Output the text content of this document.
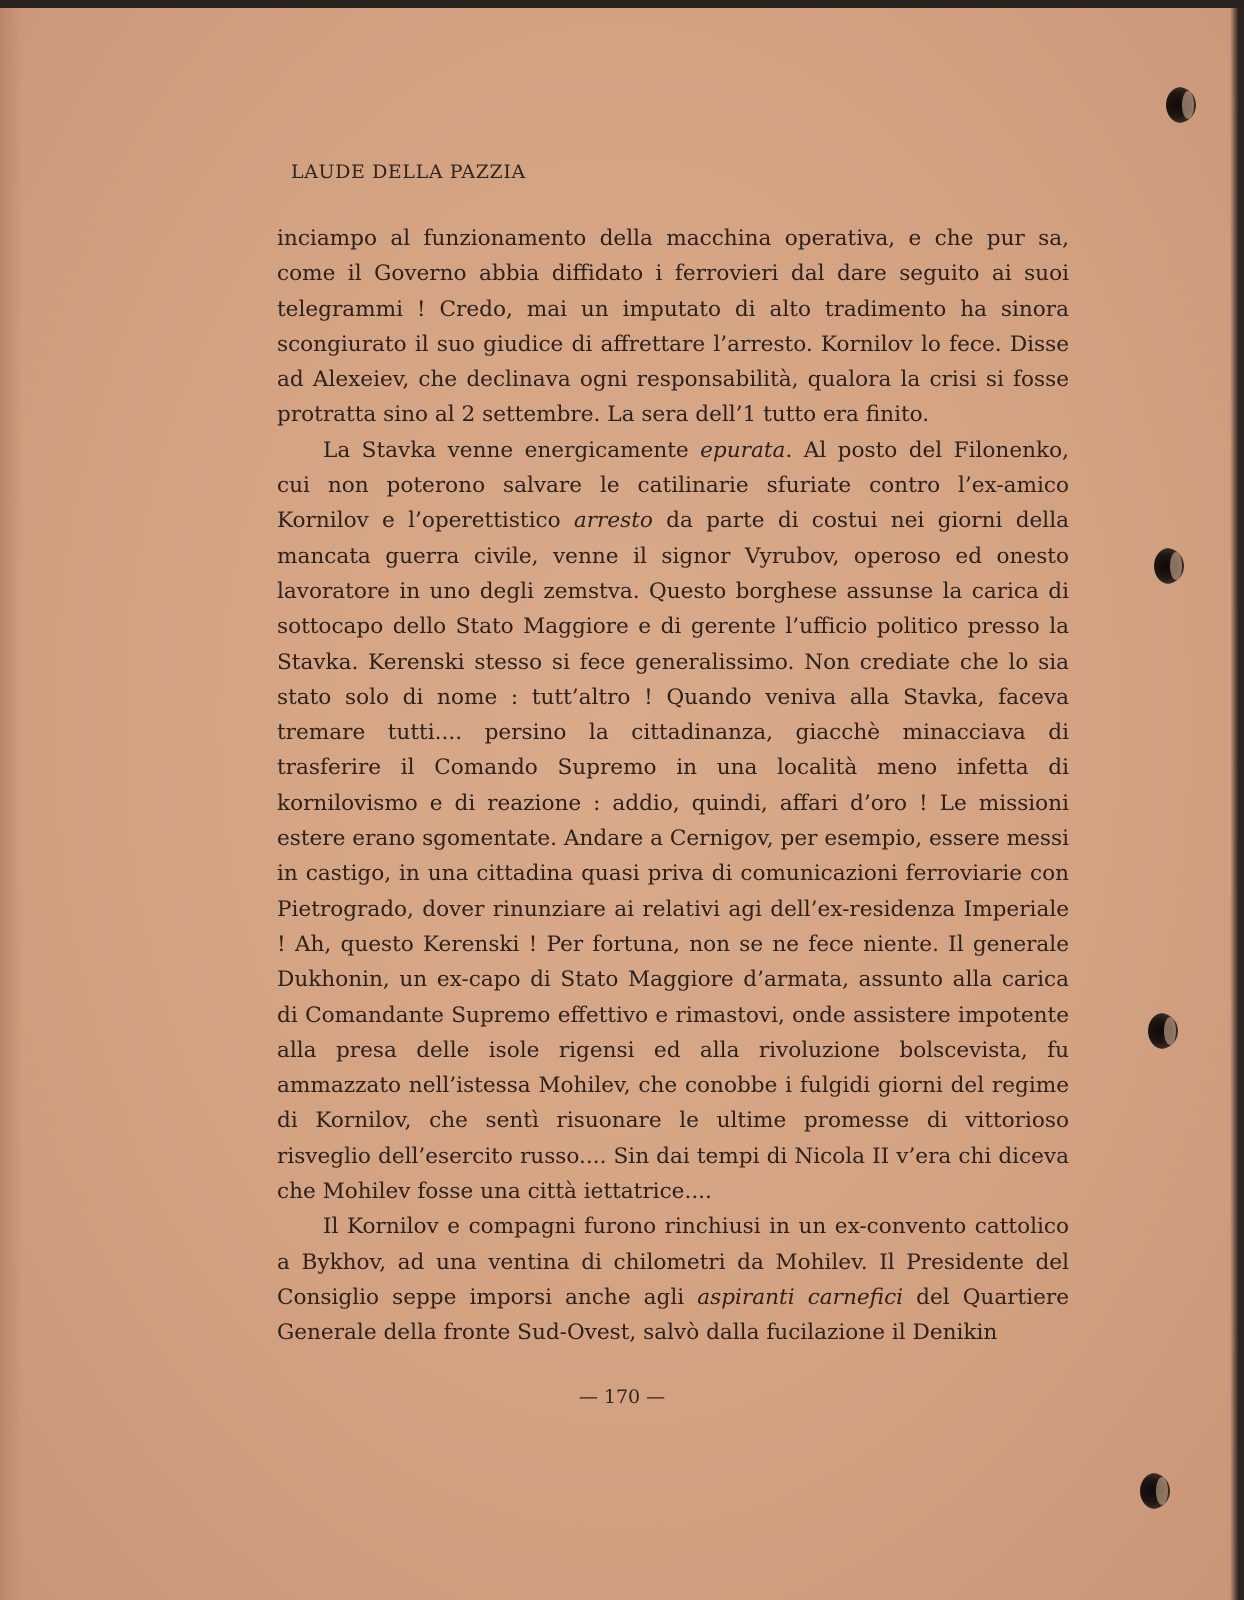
LAUDE DELLA PAZZIA

inciampo al funzionamento della macchina operativa, e che pur sa, come il Governo abbia diffidato i ferrovieri dal dare seguito ai suoi telegrammi ! Credo, mai un imputato di alto tradimento ha sinora scongiurato il suo giudice di affrettare l’arresto. Kornilov lo fece. Disse ad Alexeiev, che declinava ogni responsabilità, qualora la crisi si fosse protratta sino al 2 settembre. La sera dell’1 tutto era finito.

La Stavka venne energicamente epurata. Al posto del Filonenko, cui non poterono salvare le catilinarie sfuriate contro l’ex-amico Kornilov e l’operettistico arresto da parte di costui nei giorni della mancata guerra civile, venne il signor Vyrubov, operoso ed onesto lavoratore in uno degli zemstva. Questo borghese assunse la carica di sottocapo dello Stato Maggiore e di gerente l’ufficio politico presso la Stavka. Kerenski stesso si fece generalissimo. Non crediate che lo sia stato solo di nome : tutt’altro ! Quando veniva alla Stavka, faceva tremare tutti.... persino la cittadinanza, giacchè minacciava di trasferire il Comando Supremo in una località meno infetta di kornilovismo e di reazione : addio, quindi, affari d’oro ! Le missioni estere erano sgomentate. Andare a Cernigov, per esempio, essere messi in castigo, in una cittadina quasi priva di comunicazioni ferroviarie con Pietrogrado, dover rinunziare ai relativi agi dell’ex-residenza Imperiale ! Ah, questo Kerenski ! Per fortuna, non se ne fece niente. Il generale Dukhonin, un ex-capo di Stato Maggiore d’armata, assunto alla carica di Comandante Supremo effettivo e rimastovi, onde assistere impotente alla presa delle isole rigensi ed alla rivoluzione bolscevista, fu ammazzato nell’istessa Mohilev, che conobbe i fulgidi giorni del regime di Kornilov, che sentì risuonare le ultime promesse di vittorioso risveglio dell’esercito russo.... Sin dai tempi di Nicola II v’era chi diceva che Mohilev fosse una città iettatrice....

Il Kornilov e compagni furono rinchiusi in un ex-convento cattolico a Bykhov, ad una ventina di chilometri da Mohilev. Il Presidente del Consiglio seppe imporsi anche agli aspiranti carnefici del Quartiere Generale della fronte Sud-Ovest, salvò dalla fucilazione il Denikin

— 170 —
